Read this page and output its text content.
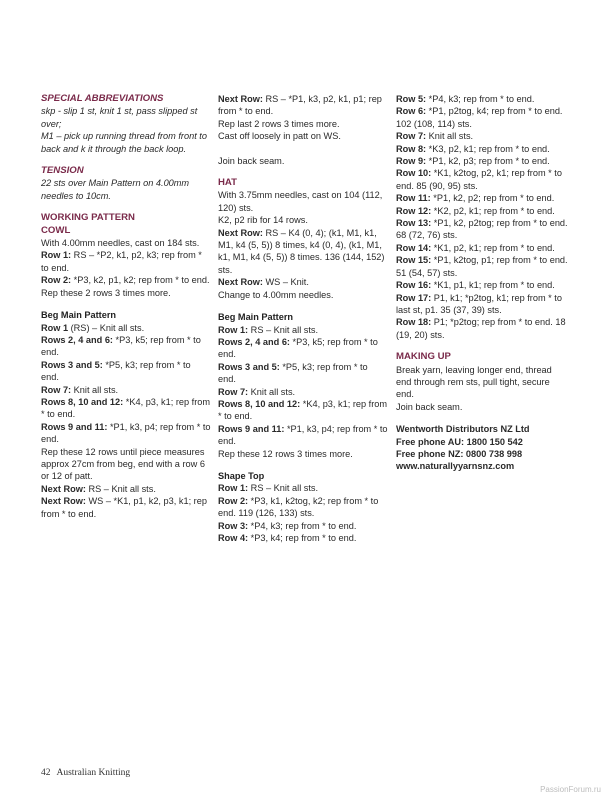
SPECIAL ABBREVIATIONS

skp - slip 1 st, knit 1 st, pass slipped st over;

M1 – pick up running thread from front to back and k it through the back loop.

TENSION

22 sts over Main Pattern on 4.00mm needles to 10cm.

WORKING PATTERN

COWL

With 4.00mm needles, cast on 184 sts.

Row 1: RS – *P2, k1, p2, k3; rep from * to end.

Row 2: *P3, k2, p1, k2; rep from * to end.

Rep these 2 rows 3 times more.

Beg Main Pattern

Row 1 (RS) – Knit all sts.

Rows 2, 4 and 6: *P3, k5; rep from * to end.

Rows 3 and 5: *P5, k3; rep from * to end.

Row 7: Knit all sts.

Rows 8, 10 and 12: *K4, p3, k1; rep from * to end.

Rows 9 and 11: *P1, k3, p4; rep from * to end.

Rep these 12 rows until piece measures approx 27cm from beg, end with a row 6 or 12 of patt.

Next Row: RS – Knit all sts.

Next Row: WS – *K1, p1, k2, p3, k1; rep from * to end.

Next Row: RS – *P1, k3, p2, k1, p1; rep from * to end.

Rep last 2 rows 3 times more.

Cast off loosely in patt on WS.

Join back seam.

HAT

With 3.75mm needles, cast on 104 (112, 120) sts.

K2, p2 rib for 14 rows.

Next Row: RS – K4 (0, 4); (k1, M1, k1, M1, k4 (5, 5)) 8 times, k4 (0, 4), (k1, M1, k1, M1, k4 (5, 5)) 8 times. 136 (144, 152) sts.

Next Row: WS – Knit.

Change to 4.00mm needles.

Beg Main Pattern

Row 1: RS – Knit all sts.

Rows 2, 4 and 6: *P3, k5; rep from * to end.

Rows 3 and 5: *P5, k3; rep from * to end.

Row 7: Knit all sts.

Rows 8, 10 and 12: *K4, p3, k1; rep from * to end.

Rows 9 and 11: *P1, k3, p4; rep from * to end.

Rep these 12 rows 3 times more.

Shape Top

Row 1: RS – Knit all sts.

Row 2: *P3, k1, k2tog, k2; rep from * to end. 119 (126, 133) sts.

Row 3: *P4, k3; rep from * to end.

Row 4: *P3, k4; rep from * to end.

Row 5: *P4, k3; rep from * to end.

Row 6: *P1, p2tog, k4; rep from * to end. 102 (108, 114) sts.

Row 7: Knit all sts.

Row 8: *K3, p2, k1; rep from * to end.

Row 9: *P1, k2, p3; rep from * to end.

Row 10: *K1, k2tog, p2, k1; rep from * to end. 85 (90, 95) sts.

Row 11: *P1, k2, p2; rep from * to end.

Row 12: *K2, p2, k1; rep from * to end.

Row 13: *P1, k2, p2tog; rep from * to end. 68 (72, 76) sts.

Row 14: *K1, p2, k1; rep from * to end.

Row 15: *P1, k2tog, p1; rep from * to end. 51 (54, 57) sts.

Row 16: *K1, p1, k1; rep from * to end.

Row 17: P1, k1; *p2tog, k1; rep from * to last st, p1. 35 (37, 39) sts.

Row 18: P1; *p2tog; rep from * to end. 18 (19, 20) sts.

MAKING UP

Break yarn, leaving longer end, thread end through rem sts, pull tight, secure end.

Join back seam.

Wentworth Distributors NZ Ltd

Free phone AU: 1800 150 542

Free phone NZ: 0800 738 998

www.naturallyyarnsnz.com

42 Australian Knitting
PassionForum.ru
